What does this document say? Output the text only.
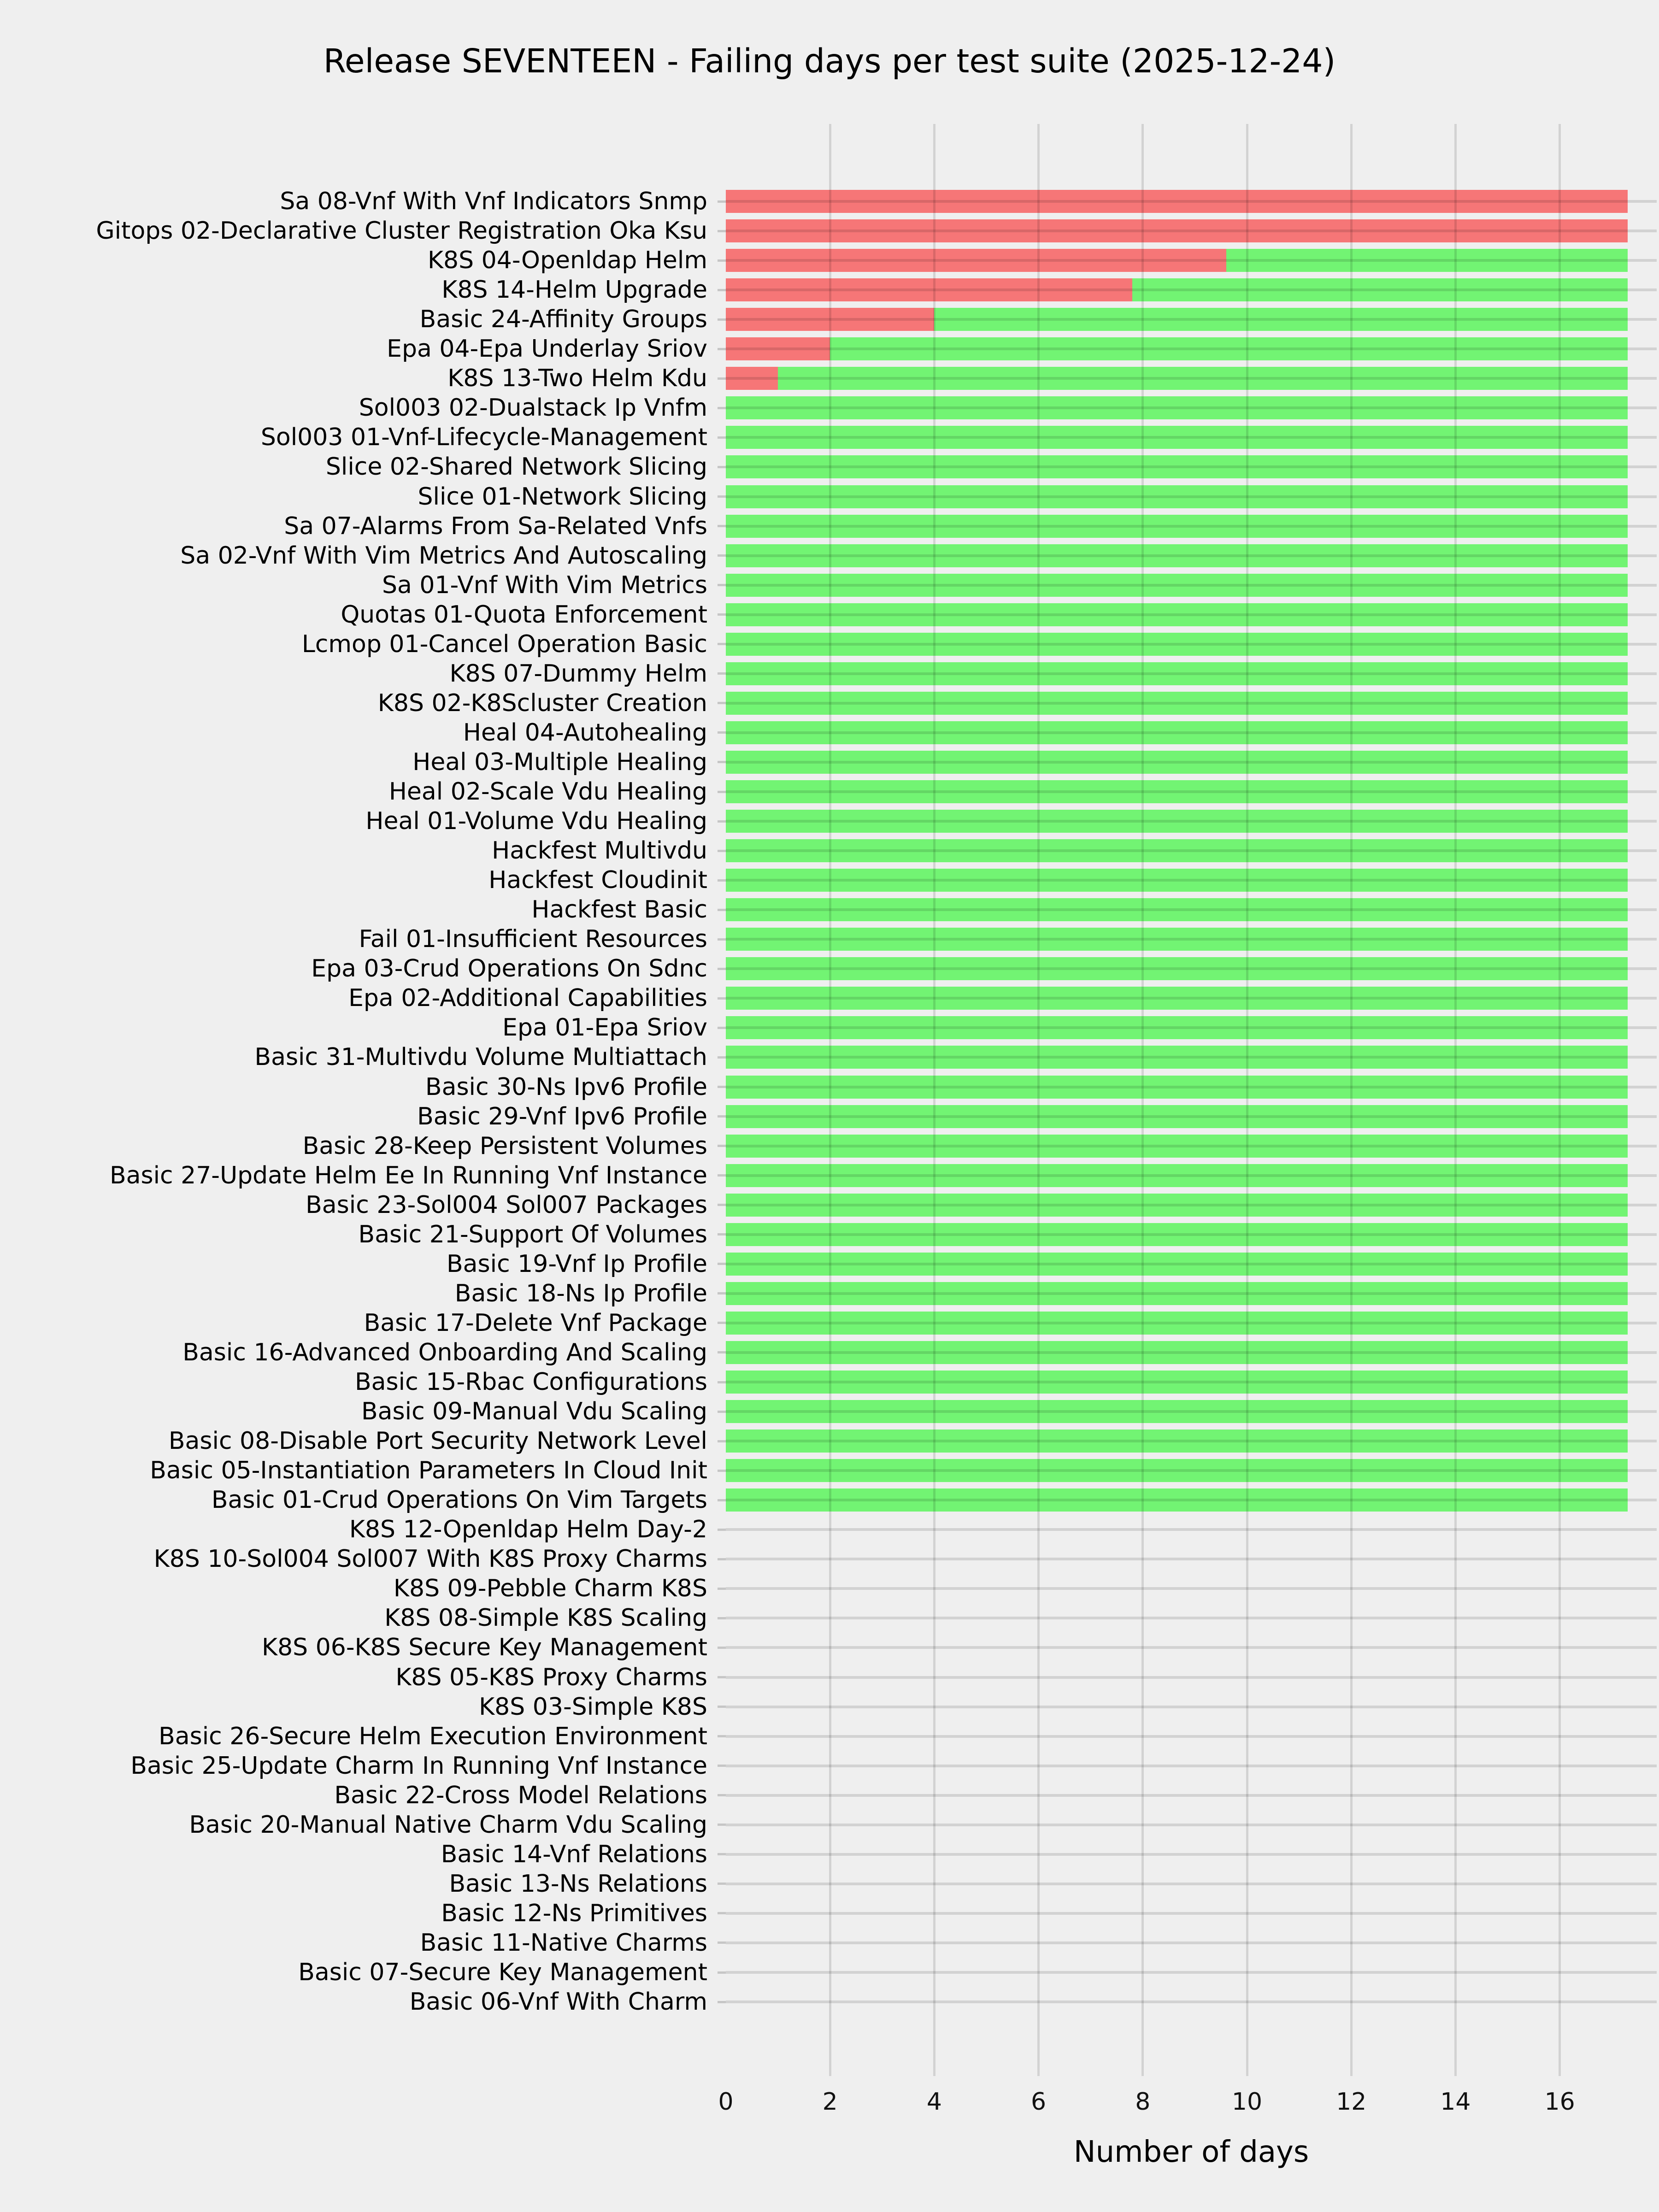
Release SEVENTEEN - Failing days per test suite (2025-12-24)
Sa 08-Vnf With Vnf Indicators Snmp
Gitops 02-Declarative Cluster Registration Oka Ksu
K8S 04-Openldap Helm
K8S 14-Helm Upgrade
Basic 24-Affinity Groups
Epa 04-Epa Underlay Sriov
K8S 13-Two Helm Kdu
Sol003 02-Dualstack Ip Vnfm
Sol003 01-Vnf-Lifecycle-Management
Slice 02-Shared Network Slicing
Slice 01-Network Slicing
Sa 07-Alarms From Sa-Related Vnfs
Sa 02-Vnf With Vim Metrics And Autoscaling
Sa 01-Vnf With Vim Metrics
Quotas 01-Quota Enforcement
Lcmop 01-Cancel Operation Basic
K8S 07-Dummy Helm
K8S 02-K8Scluster Creation
Heal 04-Autohealing
Heal 03-Multiple Healing
Heal 02-Scale Vdu Healing
Heal 01-Volume Vdu Healing
Hackfest Multivdu
Hackfest Cloudinit
Hackfest Basic
Fail 01-Insufficient Resources
Epa 03-Crud Operations On Sdnc
Epa 02-Additional Capabilities
Epa 01-Epa Sriov
Basic 31-Multivdu Volume Multiattach
Basic 30-Ns Ipv6 Profile
Basic 29-Vnf Ipv6 Profile
Basic 28-Keep Persistent Volumes
Basic 27-Update Helm Ee In Running Vnf Instance
Basic 23-Sol004 Sol007 Packages
Basic 21-Support Of Volumes
Basic 19-Vnf Ip Profile
Basic 18-Ns Ip Profile
Basic 17-Delete Vnf Package
Basic 16-Advanced Onboarding And Scaling
Basic 15-Rbac Configurations
Basic 09-Manual Vdu Scaling
Basic 08-Disable Port Security Network Level
Basic 05-Instantiation Parameters In Cloud Init
Basic 01-Crud Operations On Vim Targets
K8S 12-Openldap Helm Day-2
K8S 10-Sol004 Sol007 With K8S Proxy Charms
K8S 09-Pebble Charm K8S
K8S 08-Simple K8S Scaling
K8S 06-K8S Secure Key Management
K8S 05-K8S Proxy Charms
K8S 03-Simple K8S
Basic 26-Secure Helm Execution Environment
Basic 25-Update Charm In Running Vnf Instance
Basic 22-Cross Model Relations
Basic 20-Manual Native Charm Vdu Scaling
Basic 14-Vnf Relations
Basic 13-Ns Relations
Basic 12-Ns Primitives
Basic 11-Native Charms
Basic 07-Secure Key Management
Basic 06-Vnf With Charm
0	2	4	6	8	10	12	14	16
Number of days
